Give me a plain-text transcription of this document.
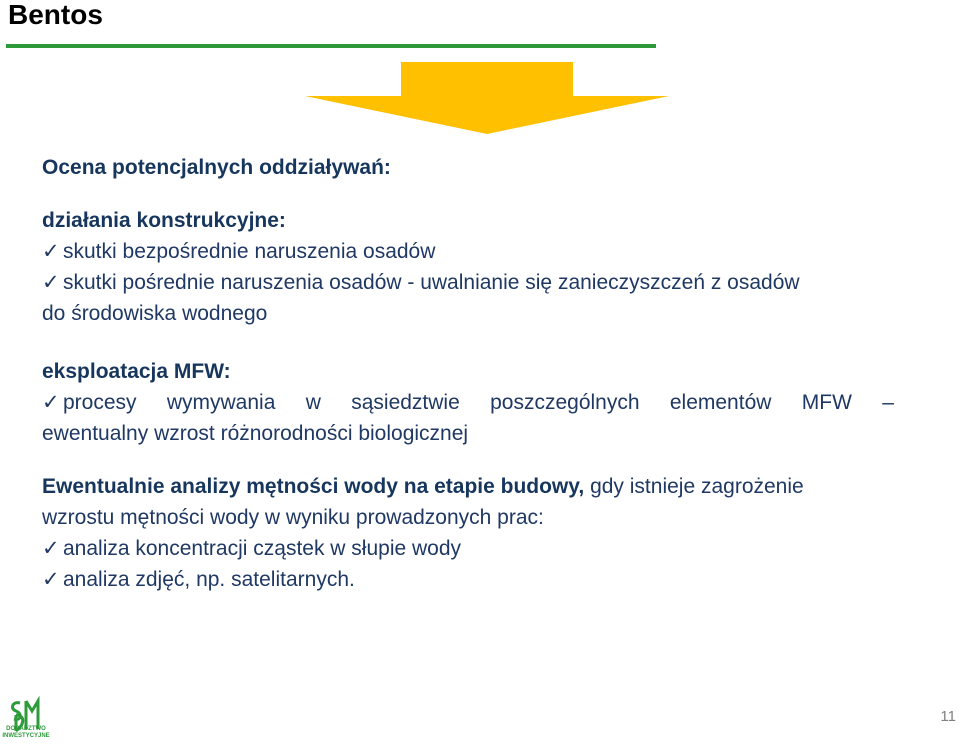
Bentos
Ocena potencjalnych oddziaływań:
działania konstrukcyjne:
✓ skutki bezpośrednie naruszenia osadów
✓ skutki pośrednie naruszenia osadów - uwalnianie się zanieczyszczeń z osadów
do środowiska wodnego
eksploatacja MFW:
✓ procesy wymywania w sąsiedztwie poszczególnych elementów MFW –
ewentualny wzrost różnorodności biologicznej
Ewentualnie analizy mętności wody na etapie budowy, gdy istnieje zagrożenie
wzrostu mętności wody w wyniku prowadzonych prac:
✓ analiza koncentracji cząstek w słupie wody
✓ analiza zdjęć, np. satelitarnych.
DORADZTWO
INWESTYCYJNE
11
